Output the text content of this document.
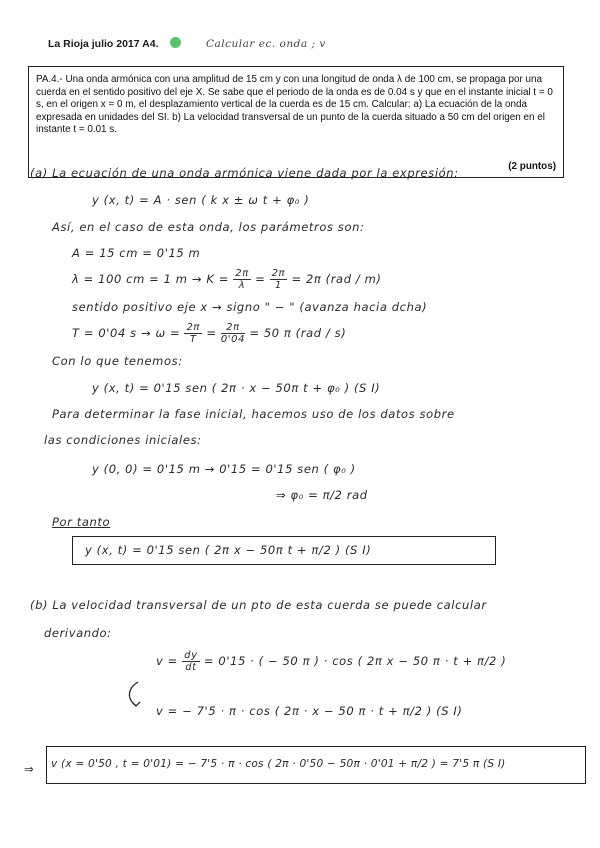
La Rioja julio 2017 A4.	Calcular ec. onda ; v

PA.4.- Una onda armónica con una amplitud de 15 cm y con una longitud de onda λ de 100 cm, se propaga por una cuerda en el sentido positivo del eje X. Se sabe que el periodo de la onda es de 0.04 s y que en el instante inicial t = 0 s, en el origen x = 0 m, el desplazamiento vertical de la cuerda es de 15 cm. Calcular: a) La ecuación de la onda expresada en unidades del SI. b) La velocidad transversal de un punto de la cuerda situado a 50 cm del origen en el instante t = 0.01 s.

(2 puntos)
(a) La ecuación de una onda armónica viene dada por la expresión:
y (x, t) = A · sen ( k x ± ω t + φ₀ )
Así, en el caso de esta onda, los parámetros son:
A = 15 cm = 0'15 m
λ = 100 cm = 1 $m \to K = \frac{2\pi}{\lambda} = \frac{2\pi}{1} = 2\pi$ (rad / m)
sentido positivo eje x → signo " − " (avanza hacia dcha)
T = 0'04 $s \to \omega = \frac{2\pi}{T} = \frac{2\pi}{0'04} = 50$ π (rad / s)
Con lo que tenemos:
y (x, t) = 0'15 sen ( 2π · x − 50π t + φ₀ ) (S I)
Para determinar la fase inicial, hacemos uso de los datos sobre
las condiciones iniciales:
y (0, 0) = 0'15 m → 0'15 = 0'15 sen ( φ₀ )
⇒ φ₀ = π/2 rad
Por tanto
y (x, t) = 0'15 sen ( 2π x − 50π t + π/2 ) (S I)
(b) La velocidad transversal de un pto de esta cuerda se puede calcular
derivando:
$v = \frac{dy}{dt} = 0'15$ · ( − 50 π ) · cos ( 2π x − 50 π · t + π/2 )
v = − 7'5 · π · cos ( 2π · x − 50 π · t + π/2 ) (S I)
⇒ v (x = 0'50 , t = 0'01) = − 7'5 · π · cos ( 2π · 0'50 − 50π · 0'01 + π/2 ) = 7'5 π (S I)
